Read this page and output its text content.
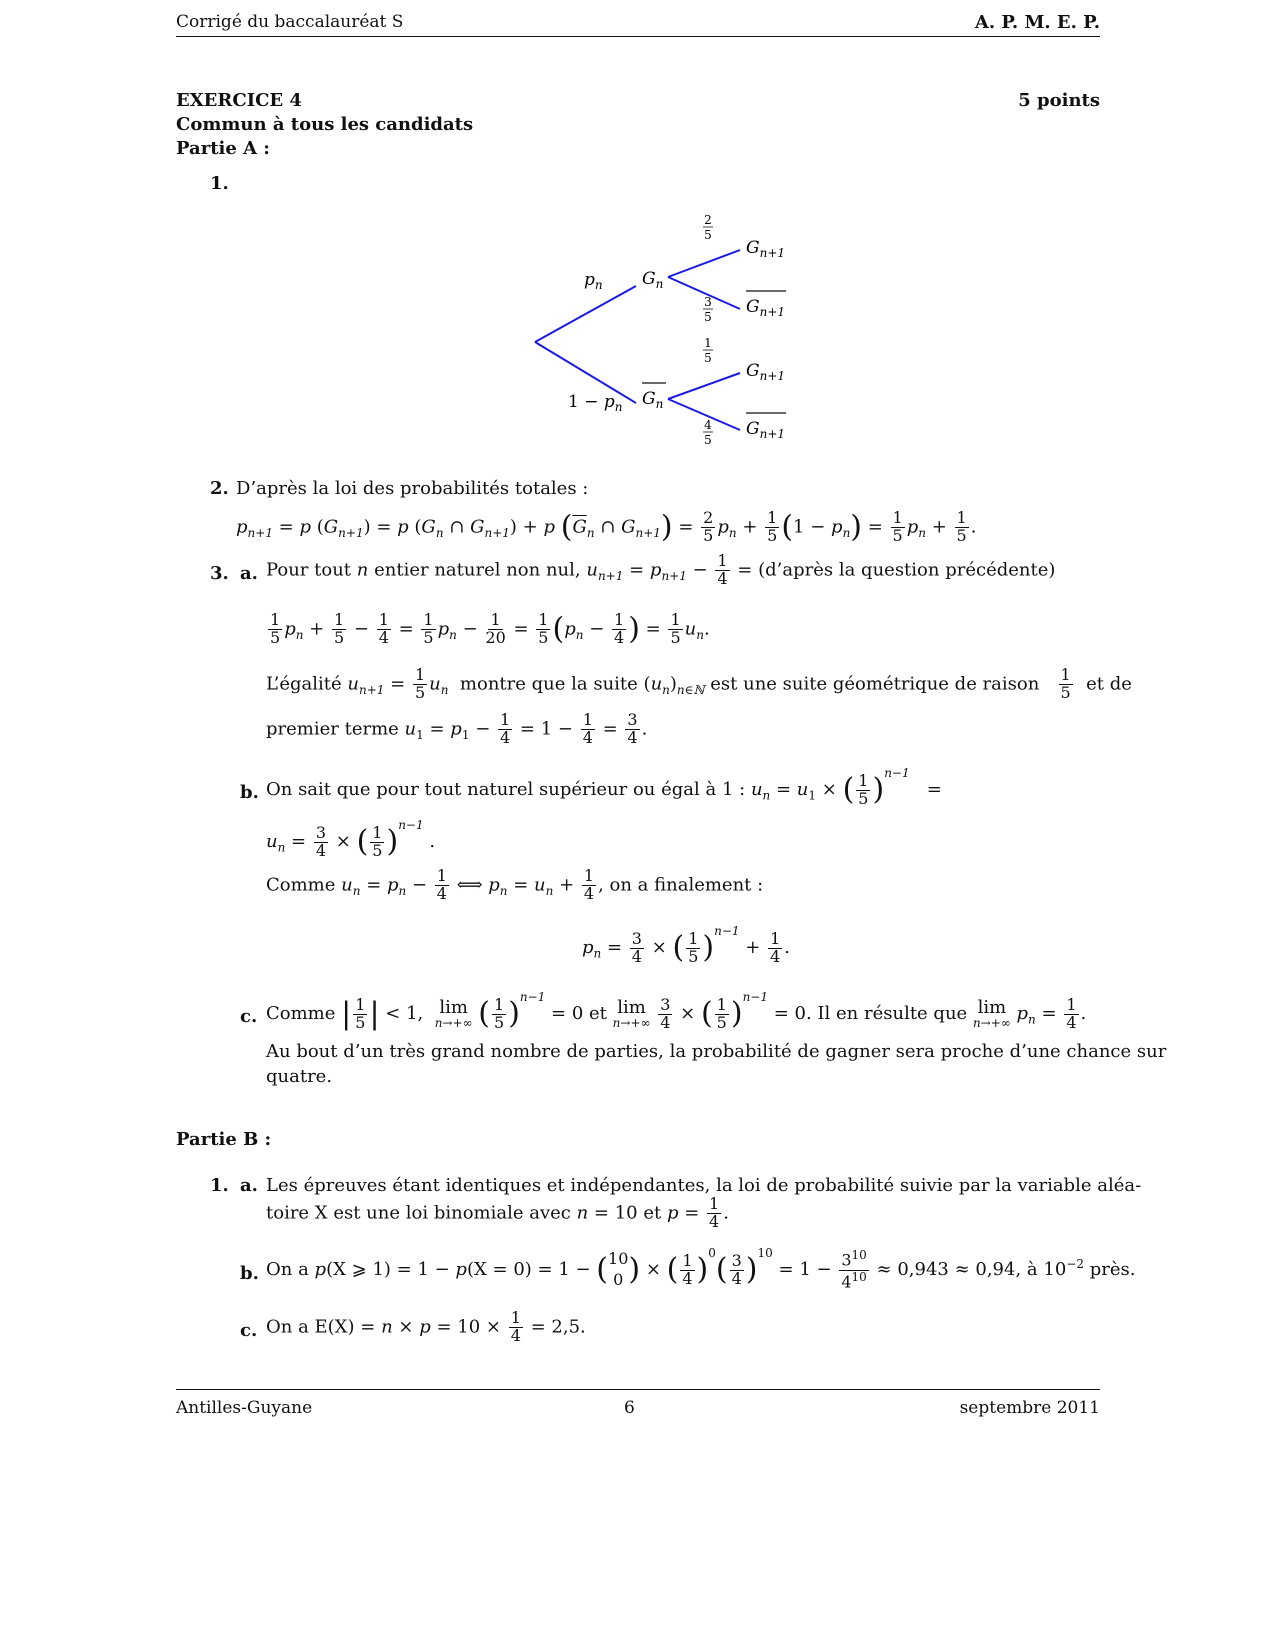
Corrigé du baccalauréat S	A. P. M. E. P.
EXERCICE 4	5 points
Commun à tous les candidats
Partie A :
1.
$p_n$
$1 - p_n$
$G_n$
$G_n$
$G_{n+1}$
$G_{n+1}$
$G_{n+1}$
$G_{n+1}$
2
5
3
5
1
5
4
5
2. D’après la loi des probabilités totales :
$p_{n+1} = p$ $(G_{n+1}) = p$ ($G_n$ ∩ $G_{n+1}) + p$ ($\overline{G}_n$ ∩ $G_{n+1}) = \frac{2}{5} p_n + \frac{1}{5} (1 - p_n) = \frac{1}{5} p_n + \frac{1}{5}$ .
3. a. Pour tout n entier naturel non nul, $u_{n+1} = p_{n+1} - \frac{1}{4}$ = (d’après la question précédente)
$\frac{1}{5} p_n + \frac{1}{5} - \frac{1}{4} = \frac{1}{5} p_n - \frac{1}{20} = \frac{1}{5} (p_n - \frac{1}{4}$ ) = $\frac{1}{5} u_n$.
L’égalité $u_{n+1} = \frac{1}{5} u_n$ montre que la suite $(u_n)_{n\in ℕ}$ est une suite géométrique de raison $\frac{1}{5}$ et de
premier terme $u_1 = p_1 - \frac{1}{4} = 1 - \frac{1}{4} = \frac{3}{4}$ .
b. On sait que pour tout naturel supérieur ou égal à 1 : $u_n = u_1$ × ( $\frac{1}{5} )^{n-1}$   =
$u_n = \frac{3}{4}$ × ( $\frac{1}{5} )^{n-1}$ .
Comme $u_n = p_n - \frac{1}{4}$ ⟺ $p_n = u_n + \frac{1}{4}$ , on a finalement :
$p_n = \frac{3}{4}$ × ( $\frac{1}{5} )^{n-1} + \frac{1}{4}$ .
c. Comme | $\frac{1}{5}$ | < 1, lim
n→+∞ ( $\frac{1}{5} )^{n-1} = 0$ et lim
n→+∞
$\frac{3}{4}$ × ( $\frac{1}{5} )^{n-1} = 0$. Il en résulte que lim
n→+∞ $p_n = \frac{1}{4}$ .
Au bout d’un très grand nombre de parties, la probabilité de gagner sera proche d’une chance sur
quatre.
Partie B :
1. a. Les épreuves étant identiques et indépendantes, la loi de probabilité suivie par la variable aléa-
toire X est une loi binomiale avec n = 10 et $p = \frac{1}{4}$ .
b. On a p(X ⩾ 1) = 1 − p(X = 0) = 1 − ( 10
0 ) × ( $\frac{1}{4} )^0( \frac{3}{4} )^{10} = 1 - \frac{3^{10}}{4^{10}} \approx 0,943 \approx 0,94$, à $10^{-2}$ près.
c. On a $E(X) = n \times p = 10 \times \frac{1}{4} = 2,5$.
Antilles-Guyane	6	septembre 2011
